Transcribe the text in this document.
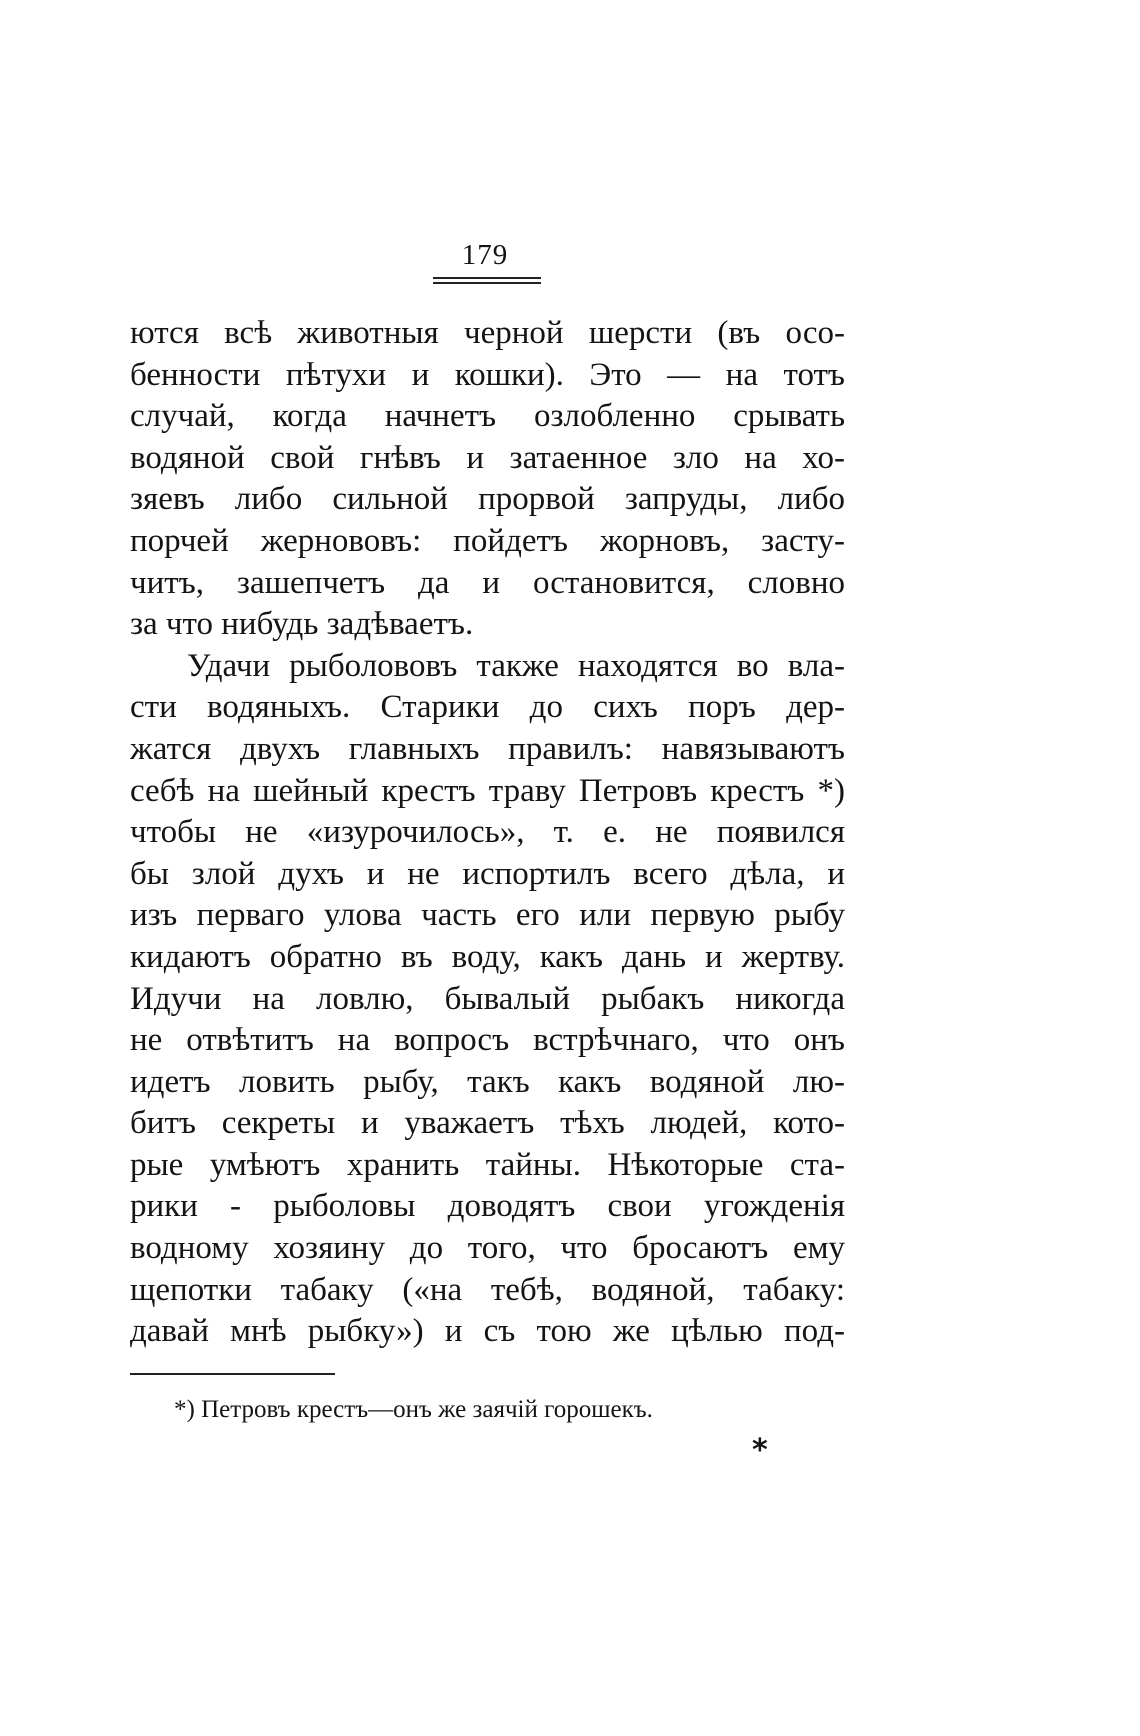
179
ются всѣ животныя черной шерсти (въ осо-
бенности пѣтухи и кошки). Это — на тотъ
случай, когда начнетъ озлобленно срывать
водяной свой гнѣвъ и затаенное зло на хо-
зяевъ либо сильной прорвой запруды, либо
порчей жернововъ: пойдетъ жорновъ, засту-
читъ, зашепчетъ да и остановится, словно
за что нибудь задѣваетъ.
Удачи рыболововъ также находятся во вла-
сти водяныхъ. Старики до сихъ поръ дер-
жатся двухъ главныхъ правилъ: навязываютъ
себѣ на шейный крестъ траву Петровъ крестъ *)
чтобы не «изурочилось», т. е. не появился
бы злой духъ и не испортилъ всего дѣла, и
изъ перваго улова часть его или первую рыбу
кидаютъ обратно въ воду, какъ дань и жертву.
Идучи на ловлю, бывалый рыбакъ никогда
не отвѣтитъ на вопросъ встрѣчнаго, что онъ
идетъ ловить рыбу, такъ какъ водяной лю-
битъ секреты и уважаетъ тѣхъ людей, кото-
рые умѣютъ хранить тайны. Нѣкоторые ста-
рики - рыболовы доводятъ свои угожденія
водному хозяину до того, что бросаютъ ему
щепотки табаку («на тебѣ, водяной, табаку:
давай мнѣ рыбку») и съ тою же цѣлью под-
*) Петровъ крестъ—онъ же заячій горошекъ.
*
